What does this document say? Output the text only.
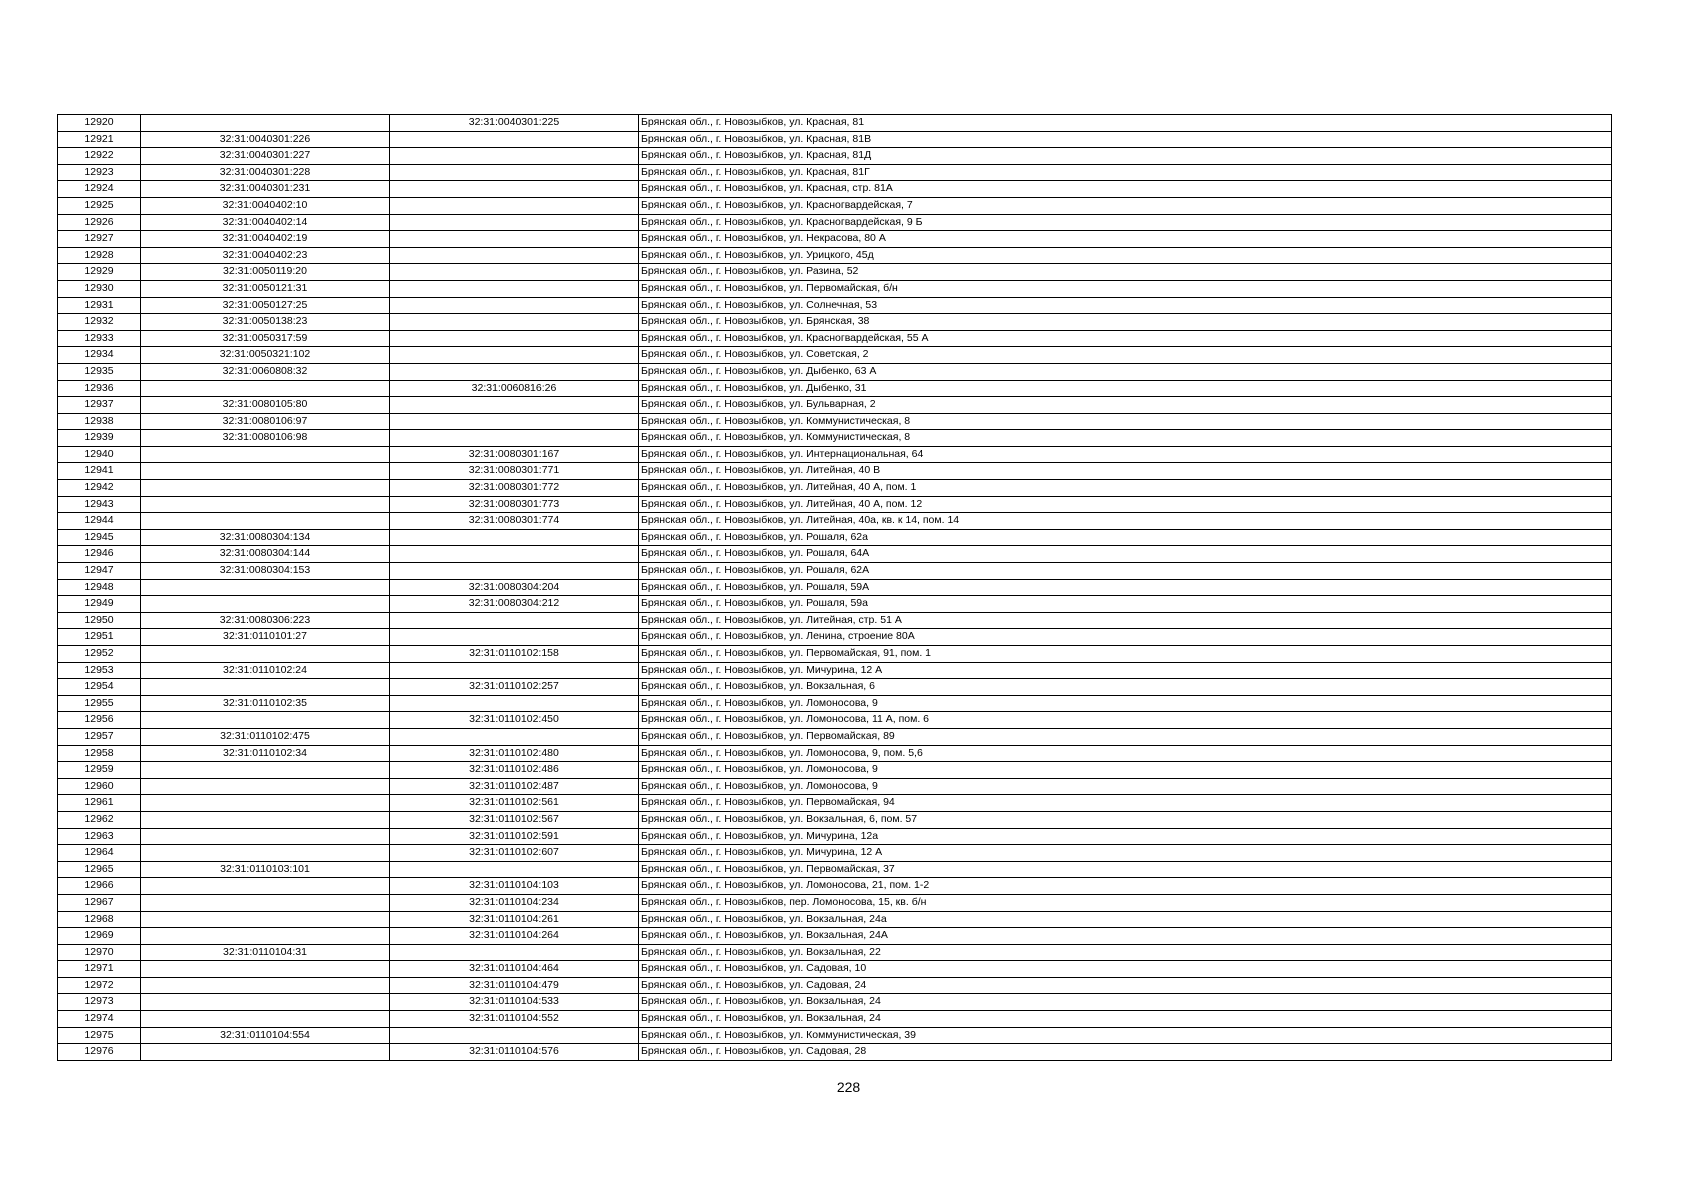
12920		32:31:0040301:225	Брянская обл., г. Новозыбков, ул. Красная, 81
12921	32:31:0040301:226		Брянская обл., г. Новозыбков, ул. Красная, 81В
12922	32:31:0040301:227		Брянская обл., г. Новозыбков, ул. Красная, 81Д
12923	32:31:0040301:228		Брянская обл., г. Новозыбков, ул. Красная, 81Г
12924	32:31:0040301:231		Брянская обл., г. Новозыбков, ул. Красная, стр. 81А
12925	32:31:0040402:10		Брянская обл., г. Новозыбков, ул. Красногвардейская, 7
12926	32:31:0040402:14		Брянская обл., г. Новозыбков, ул. Красногвардейская, 9 Б
12927	32:31:0040402:19		Брянская обл., г. Новозыбков, ул. Некрасова, 80 А
12928	32:31:0040402:23		Брянская обл., г. Новозыбков, ул. Урицкого, 45д
12929	32:31:0050119:20		Брянская обл., г. Новозыбков, ул. Разина, 52
12930	32:31:0050121:31		Брянская обл., г. Новозыбков, ул. Первомайская, б/н
12931	32:31:0050127:25		Брянская обл., г. Новозыбков, ул. Солнечная, 53
12932	32:31:0050138:23		Брянская обл., г. Новозыбков, ул. Брянская, 38
12933	32:31:0050317:59		Брянская обл., г. Новозыбков, ул. Красногвардейская, 55 А
12934	32:31:0050321:102		Брянская обл., г. Новозыбков, ул. Советская, 2
12935	32:31:0060808:32		Брянская обл., г. Новозыбков, ул. Дыбенко, 63 А
12936		32:31:0060816:26	Брянская обл., г. Новозыбков, ул. Дыбенко, 31
12937	32:31:0080105:80		Брянская обл., г. Новозыбков, ул. Бульварная, 2
12938	32:31:0080106:97		Брянская обл., г. Новозыбков, ул. Коммунистическая, 8
12939	32:31:0080106:98		Брянская обл., г. Новозыбков, ул. Коммунистическая, 8
12940		32:31:0080301:167	Брянская обл., г. Новозыбков, ул. Интернациональная, 64
12941		32:31:0080301:771	Брянская обл., г. Новозыбков, ул. Литейная, 40 В
12942		32:31:0080301:772	Брянская обл., г. Новозыбков, ул. Литейная, 40 А, пом. 1
12943		32:31:0080301:773	Брянская обл., г. Новозыбков, ул. Литейная, 40 А, пом. 12
12944		32:31:0080301:774	Брянская обл., г. Новозыбков, ул. Литейная, 40а, кв. к 14, пом. 14
12945	32:31:0080304:134		Брянская обл., г. Новозыбков, ул. Рошаля, 62а
12946	32:31:0080304:144		Брянская обл., г. Новозыбков, ул. Рошаля, 64А
12947	32:31:0080304:153		Брянская обл., г. Новозыбков, ул. Рошаля, 62А
12948		32:31:0080304:204	Брянская обл., г. Новозыбков, ул. Рошаля, 59А
12949		32:31:0080304:212	Брянская обл., г. Новозыбков, ул. Рошаля, 59а
12950	32:31:0080306:223		Брянская обл., г. Новозыбков, ул. Литейная, стр. 51 А
12951	32:31:0110101:27		Брянская обл., г. Новозыбков, ул. Ленина, строение 80А
12952		32:31:0110102:158	Брянская обл., г. Новозыбков, ул. Первомайская, 91, пом. 1
12953	32:31:0110102:24		Брянская обл., г. Новозыбков, ул. Мичурина, 12 А
12954		32:31:0110102:257	Брянская обл., г. Новозыбков, ул. Вокзальная, 6
12955	32:31:0110102:35		Брянская обл., г. Новозыбков, ул. Ломоносова, 9
12956		32:31:0110102:450	Брянская обл., г. Новозыбков, ул. Ломоносова, 11 А, пом. 6
12957	32:31:0110102:475		Брянская обл., г. Новозыбков, ул. Первомайская, 89
12958	32:31:0110102:34	32:31:0110102:480	Брянская обл., г. Новозыбков, ул. Ломоносова, 9, пом. 5,6
12959		32:31:0110102:486	Брянская обл., г. Новозыбков, ул. Ломоносова, 9
12960		32:31:0110102:487	Брянская обл., г. Новозыбков, ул. Ломоносова, 9
12961		32:31:0110102:561	Брянская обл., г. Новозыбков, ул. Первомайская, 94
12962		32:31:0110102:567	Брянская обл., г. Новозыбков, ул. Вокзальная, 6, пом. 57
12963		32:31:0110102:591	Брянская обл., г. Новозыбков, ул. Мичурина, 12а
12964		32:31:0110102:607	Брянская обл., г. Новозыбков, ул. Мичурина, 12 А
12965	32:31:0110103:101		Брянская обл., г. Новозыбков, ул. Первомайская, 37
12966		32:31:0110104:103	Брянская обл., г. Новозыбков, ул. Ломоносова, 21, пом. 1-2
12967		32:31:0110104:234	Брянская обл., г. Новозыбков, пер. Ломоносова, 15, кв. б/н
12968		32:31:0110104:261	Брянская обл., г. Новозыбков, ул. Вокзальная, 24а
12969		32:31:0110104:264	Брянская обл., г. Новозыбков, ул. Вокзальная, 24А
12970	32:31:0110104:31		Брянская обл., г. Новозыбков, ул. Вокзальная, 22
12971		32:31:0110104:464	Брянская обл., г. Новозыбков, ул. Садовая, 10
12972		32:31:0110104:479	Брянская обл., г. Новозыбков, ул. Садовая, 24
12973		32:31:0110104:533	Брянская обл., г. Новозыбков, ул. Вокзальная, 24
12974		32:31:0110104:552	Брянская обл., г. Новозыбков, ул. Вокзальная, 24
12975	32:31:0110104:554		Брянская обл., г. Новозыбков, ул. Коммунистическая, 39
12976		32:31:0110104:576	Брянская обл., г. Новозыбков, ул. Садовая, 28
228
